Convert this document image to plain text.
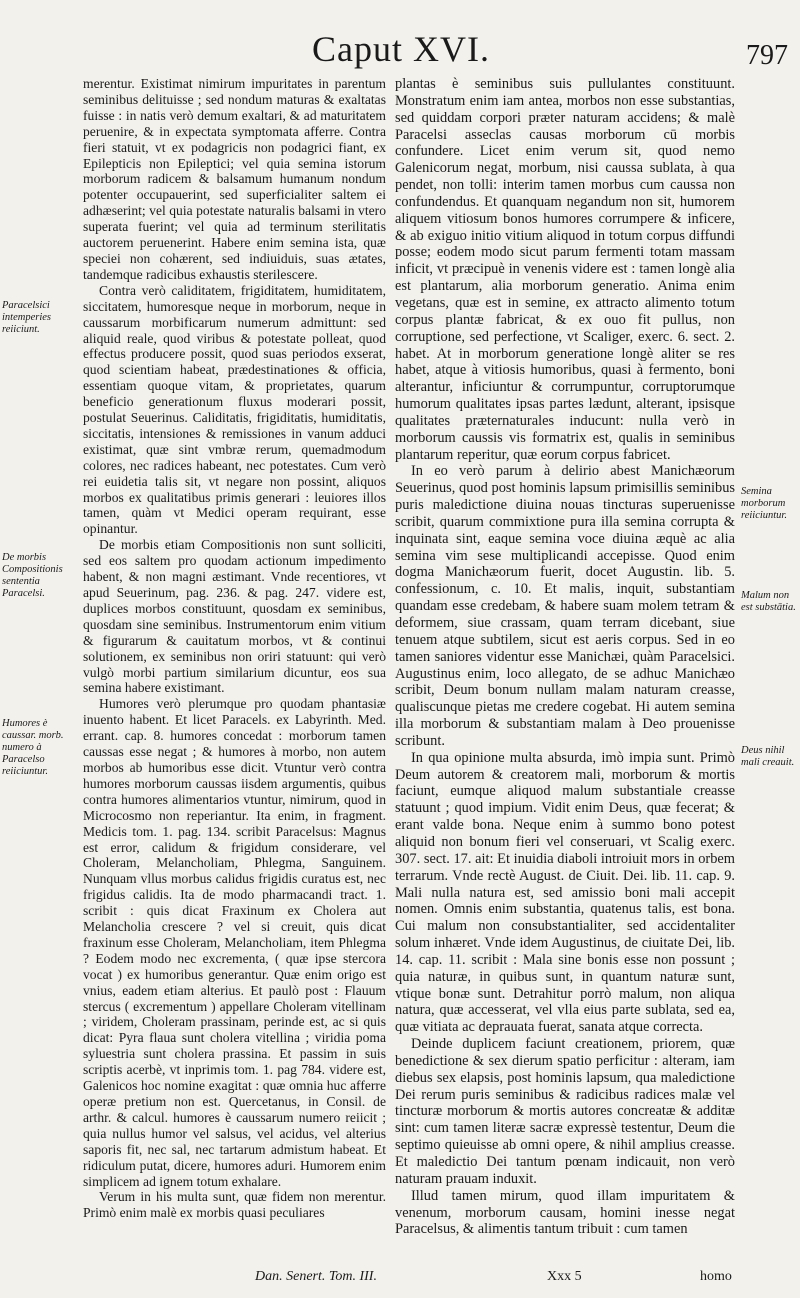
Caput XVI.	797

merentur. Existimat nimirum impuritates in parentum seminibus delituisse ; sed nondum maturas & exaltatas fuisse : in natis verò demum exaltari, & ad maturitatem peruenire, & in expectata symptomata afferre. Contra fieri statuit, vt ex podagricis non podagrici fiant, ex Epilepticis non Epileptici; vel quia semina istorum morborum radicem & balsamum humanum nondum potenter occupauerint, sed superficialiter saltem ei adhæserint; vel quia potestate naturalis balsami in vtero superata fuerint; vel quia ad terminum sterilitatis auctorem peruenerint. Habere enim semina ista, quæ speciei non cohærent, sed indiuiduis, suas ætates, tandemque radicibus exhaustis sterilescere.

Contra verò caliditatem, frigiditatem, humiditatem, siccitatem, humoresque neque in morborum, neque in caussarum morbificarum numerum admittunt: sed aliquid reale, quod viribus & potestate polleat, quod effectus producere possit, quod suas periodos exserat, quod scientiam habeat, prædestinationes & officia, essentiam quoque vitam, & proprietates, quarum beneficio generationum fluxus moderari possit, postulat Seuerinus. Caliditatis, frigiditatis, humiditatis, siccitatis, intensiones & remissiones in vanum adduci existimat, quæ sint vmbræ rerum, quemadmodum colores, nec radices habeant, nec potestates. Cum verò rei euidetia talis sit, vt negare non possint, aliquos morbos ex qualitatibus primis generari : leuiores illos tamen, quàm vt Medici operam requirant, esse opinantur.

De morbis etiam Compositionis non sunt solliciti, sed eos saltem pro quodam actionum impedimento habent, & non magni æstimant. Vnde recentiores, vt apud Seuerinum, pag. 236. & pag. 247. videre est, duplices morbos constituunt, quosdam ex seminibus, quosdam sine seminibus. Instrumentorum enim vitium & figurarum & cauitatum morbos, vt & continui solutionem, ex seminibus non oriri statuunt: qui verò vulgò morbi partium similarium dicuntur, eos sua semina habere existimant.

Humores verò plerumque pro quodam phantasiæ inuento habent. Et licet Paracels. ex Labyrinth. Med. errant. cap. 8. humores concedat : morborum tamen caussas esse negat ; & humores à morbo, non autem morbos ab humoribus esse dicit. Vtuntur verò contra humores morborum caussas iisdem argumentis, quibus contra humores alimentarios vtuntur, nimirum, quod in Microcosmo non reperiantur. Ita enim, in fragment. Medicis tom. 1. pag. 134. scribit Paracelsus: Magnus est error, calidum & frigidum considerare, vel Choleram, Melancholiam, Phlegma, Sanguinem. Nunquam vllus morbus calidus frigidis curatus est, nec frigidus calidis. Ita de modo pharmacandi tract. 1. scribit : quis dicat Fraxinum ex Cholera aut Melancholia crescere ? vel si creuit, quis dicat fraxinum esse Choleram, Melancholiam, item Phlegma ? Eodem modo nec excrementa, ( quæ ipse stercora vocat ) ex humoribus generantur. Quæ enim origo est vnius, eadem etiam alterius. Et paulò post : Flauum stercus ( excrementum ) appellare Choleram vitellinam ; viridem, Choleram prassinam, perinde est, ac si quis dicat: Pyra flaua sunt cholera vitellina ; viridia poma syluestria sunt cholera prassina. Et passim in suis scriptis acerbè, vt inprimis tom. 1. pag 784. videre est, Galenicos hoc nomine exagitat : quæ omnia huc afferre operæ pretium non est. Quercetanus, in Consil. de arthr. & calcul. humores è caussarum numero reiicit ; quia nullus humor vel salsus, vel acidus, vel alterius saporis fit, nec sal, nec tartarum admistum habeat. Et ridiculum putat, dicere, humores aduri. Humorem enim simplicem ad ignem totum exhalare.

Verum in his multa sunt, quæ fidem non merentur. Primò enim malè ex morbis quasi peculiares

plantas è seminibus suis pullulantes constituunt. Monstratum enim iam antea, morbos non esse substantias, sed quiddam corpori præter naturam accidens; & malè Paracelsi asseclas causas morborum cū morbis confundere. Licet enim verum sit, quod nemo Galenicorum negat, morbum, nisi caussa sublata, à qua pendet, non tolli: interim tamen morbus cum caussa non confundendus. Et quanquam negandum non sit, humorem aliquem vitiosum bonos humores corrumpere & inficere, & ab exiguo initio vitium aliquod in totum corpus diffundi posse; eodem modo sicut parum fermenti totam massam inficit, vt præcipuè in venenis videre est : tamen longè alia est plantarum, alia morborum generatio. Anima enim vegetans, quæ est in semine, ex attracto alimento totum corpus plantæ fabricat, & ex ouo fit pullus, non corruptione, sed perfectione, vt Scaliger, exerc. 6. sect. 2. habet. At in morborum generatione longè aliter se res habet, atque à vitiosis humoribus, quasi à fermento, boni alterantur, inficiuntur & corrumpuntur, corruptorumque humorum qualitates ipsas partes lædunt, alterant, ipsisque qualitates præternaturales inducunt: nulla verò in morborum caussis vis formatrix est, qualis in seminibus plantarum reperitur, quæ eorum corpus fabricet.

In eo verò parum à delirio abest Manichæorum Seuerinus, quod post hominis lapsum primisillis seminibus puris maledictione diuina nouas tincturas superuenisse scribit, quarum commixtione pura illa semina corrupta & inquinata sint, eaque semina voce diuina æquè ac alia semina vim sese multiplicandi accepisse. Quod enim dogma Manichæorum fuerit, docet Augustin. lib. 5. confessionum, c. 10. Et malis, inquit, substantiam quandam esse credebam, & habere suam molem tetram & deformem, siue crassam, quam terram dicebant, siue tenuem atque subtilem, sicut est aeris corpus. Sed in eo tamen saniores videntur esse Manichæi, quàm Paracelsici. Augustinus enim, loco allegato, de se adhuc Manichæo scribit, Deum bonum nullam malam naturam creasse, qualiscunque pietas me credere cogebat. Hi autem semina illa morborum & substantiam malam à Deo prouenisse scribunt.

In qua opinione multa absurda, imò impia sunt. Primò Deum autorem & creatorem mali, morborum & mortis faciunt, eumque aliquod malum substantiale creasse statuunt ; quod impium. Vidit enim Deus, quæ fecerat; & erant valde bona. Neque enim à summo bono potest aliquid non bonum fieri vel conseruari, vt Scalig exerc. 307. sect. 17. ait: Et inuidia diaboli introiuit mors in orbem terrarum. Vnde rectè August. de Ciuit. Dei. lib. 11. cap. 9. Mali nulla natura est, sed amissio boni mali accepit nomen. Omnis enim substantia, quatenus talis, est bona. Cui malum non consubstantialiter, sed accidentaliter solum inhæret. Vnde idem Augustinus, de ciuitate Dei, lib. 14. cap. 11. scribit : Mala sine bonis esse non possunt ; quia naturæ, in quibus sunt, in quantum naturæ sunt, vtique bonæ sunt. Detrahitur porrò malum, non aliqua natura, quæ accesserat, vel vlla eius parte sublata, sed ea, quæ vitiata ac deprauata fuerat, sanata atque correcta.

Deinde duplicem faciunt creationem, priorem, quæ benedictione & sex dierum spatio perficitur : alteram, iam diebus sex elapsis, post hominis lapsum, qua maledictione Dei rerum puris seminibus & radicibus radices malæ vel tincturæ morborum & mortis autores concreatæ & additæ sint: cum tamen literæ sacræ expressè testentur, Deum die septimo quieuisse ab omni opere, & nihil amplius creasse. Et maledictio Dei tantum pœnam indicauit, non verò naturam prauam induxit.

Illud tamen mirum, quod illam impuritatem & venenum, morborum causam, homini inesse negat Paracelsus, & alimentis tantum tribuit : cum tamen

Paracelsici intemperies reiiciunt.
De morbis Compositionis sententia Paracelsi.
Humores è caussar. morb. numero à Paracelso reiiciuntur.
Semina morborum reiiciuntur.
Malum non est substātia.
Deus nihil mali creauit.
Dan. Senert. Tom. III.	Xxx 5	homo
